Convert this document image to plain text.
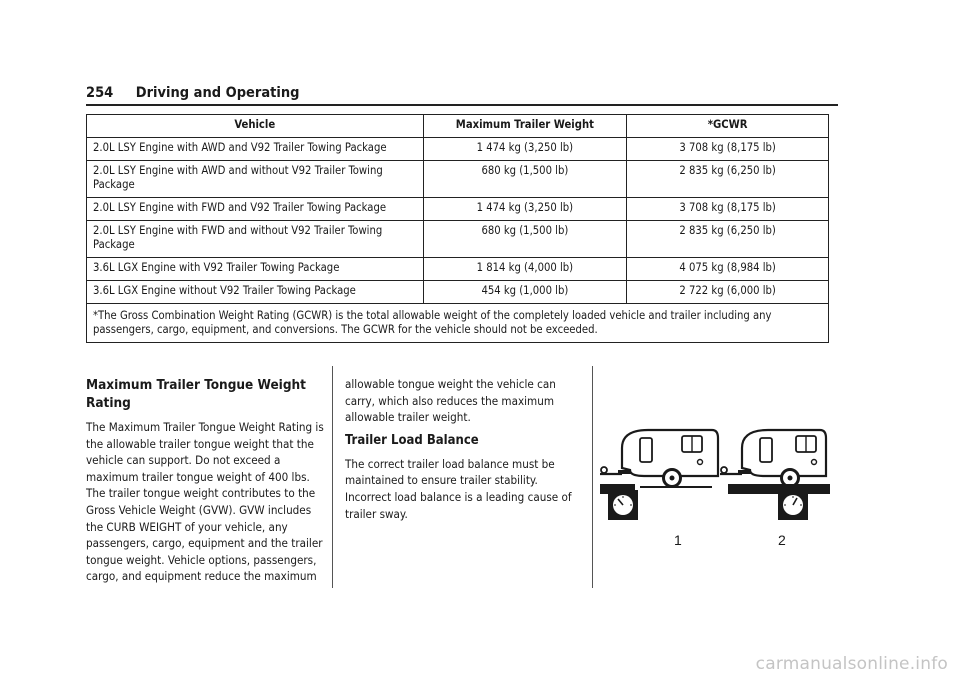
254 Driving and Operating
Vehicle	Maximum Trailer Weight	*GCWR
2.0L LSY Engine with AWD and V92 Trailer Towing Package	1 474 kg (3,250 lb)	3 708 kg (8,175 lb)
2.0L LSY Engine with AWD and without V92 Trailer Towing Package	680 kg (1,500 lb)	2 835 kg (6,250 lb)
2.0L LSY Engine with FWD and V92 Trailer Towing Package	1 474 kg (3,250 lb)	3 708 kg (8,175 lb)
2.0L LSY Engine with FWD and without V92 Trailer Towing Package	680 kg (1,500 lb)	2 835 kg (6,250 lb)
3.6L LGX Engine with V92 Trailer Towing Package	1 814 kg (4,000 lb)	4 075 kg (8,984 lb)
3.6L LGX Engine without V92 Trailer Towing Package	454 kg (1,000 lb)	2 722 kg (6,000 lb)
*The Gross Combination Weight Rating (GCWR) is the total allowable weight of the completely loaded vehicle and trailer including any passengers, cargo, equipment, and conversions. The GCWR for the vehicle should not be exceeded.		
Maximum Trailer Tongue Weight Rating

The Maximum Trailer Tongue Weight Rating is the allowable trailer tongue weight that the vehicle can support. Do not exceed a maximum trailer tongue weight of 400 lbs. The trailer tongue weight contributes to the Gross Vehicle Weight (GVW). GVW includes the CURB WEIGHT of your vehicle, any passengers, cargo, equipment and the trailer tongue weight. Vehicle options, passengers, cargo, and equipment reduce the maximum

allowable tongue weight the vehicle can carry, which also reduces the maximum allowable trailer weight.

Trailer Load Balance

The correct trailer load balance must be maintained to ensure trailer stability. Incorrect load balance is a leading cause of trailer sway.

1	2
carmanualsonline.info
